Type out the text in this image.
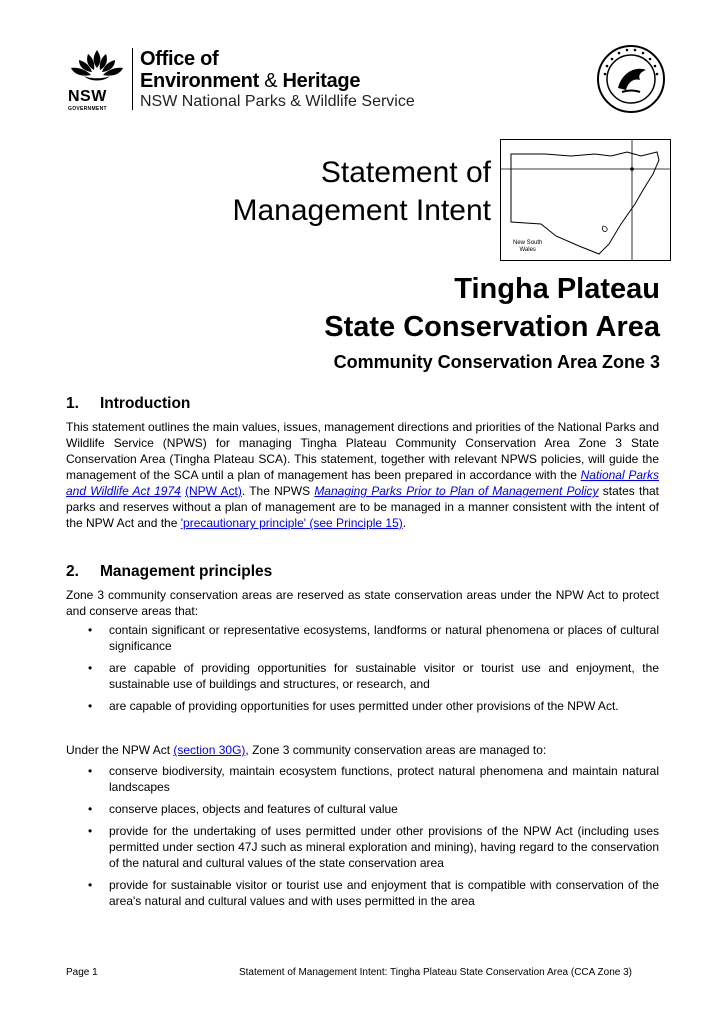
NSW
GOVERNMENT
Office of
Environment & Heritage
NSW National Parks & Wildlife Service
Statement of
Management Intent
New South
Wales
Tingha Plateau
State Conservation Area
Community Conservation Area Zone 3
1. Introduction
This statement outlines the main values, issues, management directions and priorities of the National Parks and Wildlife Service (NPWS) for managing Tingha Plateau Community Conservation Area Zone 3 State Conservation Area (Tingha Plateau SCA). This statement, together with relevant NPWS policies, will guide the management of the SCA until a plan of management has been prepared in accordance with the National Parks and Wildlife Act 1974 (NPW Act). The NPWS Managing Parks Prior to Plan of Management Policy states that parks and reserves without a plan of management are to be managed in a manner consistent with the intent of the NPW Act and the 'precautionary principle' (see Principle 15).
2. Management principles
Zone 3 community conservation areas are reserved as state conservation areas under the NPW Act to protect and conserve areas that:
• contain significant or representative ecosystems, landforms or natural phenomena or places of cultural significance
• are capable of providing opportunities for sustainable visitor or tourist use and enjoyment, the sustainable use of buildings and structures, or research, and
• are capable of providing opportunities for uses permitted under other provisions of the NPW Act.
Under the NPW Act (section 30G), Zone 3 community conservation areas are managed to:
• conserve biodiversity, maintain ecosystem functions, protect natural phenomena and maintain natural landscapes
• conserve places, objects and features of cultural value
• provide for the undertaking of uses permitted under other provisions of the NPW Act (including uses permitted under section 47J such as mineral exploration and mining), having regard to the conservation of the natural and cultural values of the state conservation area
• provide for sustainable visitor or tourist use and enjoyment that is compatible with conservation of the area's natural and cultural values and with uses permitted in the area
Page 1	Statement of Management Intent: Tingha Plateau State Conservation Area (CCA Zone 3)
